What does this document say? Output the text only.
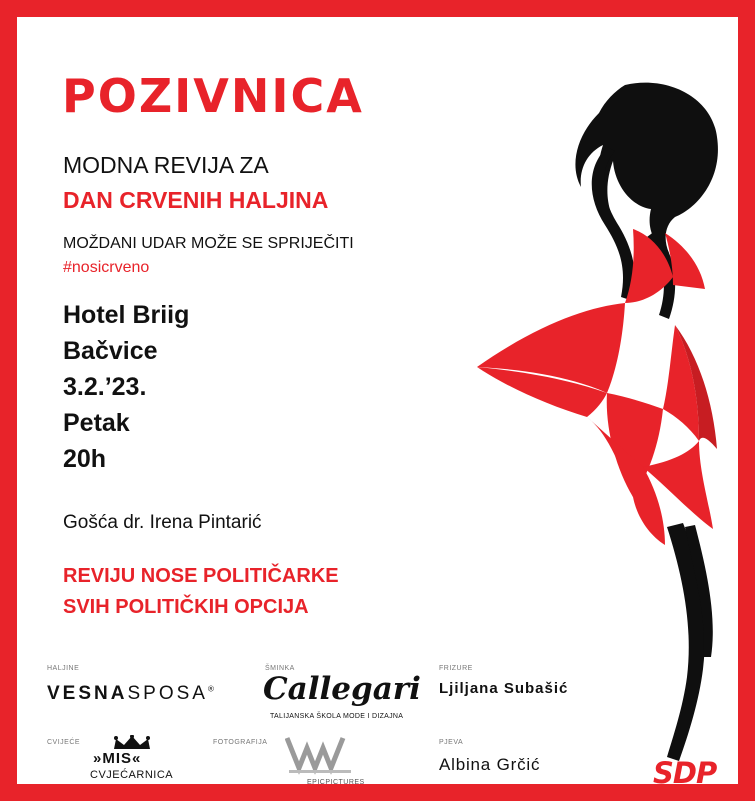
POZIVNICA
MODNA REVIJA ZA
DAN CRVENIH HALJINA
MOŽDANI UDAR MOŽE SE SPRIJEČITI
#nosicrveno
Hotel Briig
Bačvice
3.2.’23.
Petak
20h
Gošća dr. Irena Pintarić
REVIJU NOSE POLITIČARKE
SVIH POLITIČKIH OPCIJA
HALJINE
VESNASPOSA®
ŠMINKA
Callegari
TALIJANSKA ŠKOLA MODE I DIZAJNA
FRIZURE
Ljiljana Subašić
CVIJEĆE
»MIS«
CVJEĆARNICA
FOTOGRAFIJA
EPICPICTURES
PJEVA
Albina Grčić	SDP
